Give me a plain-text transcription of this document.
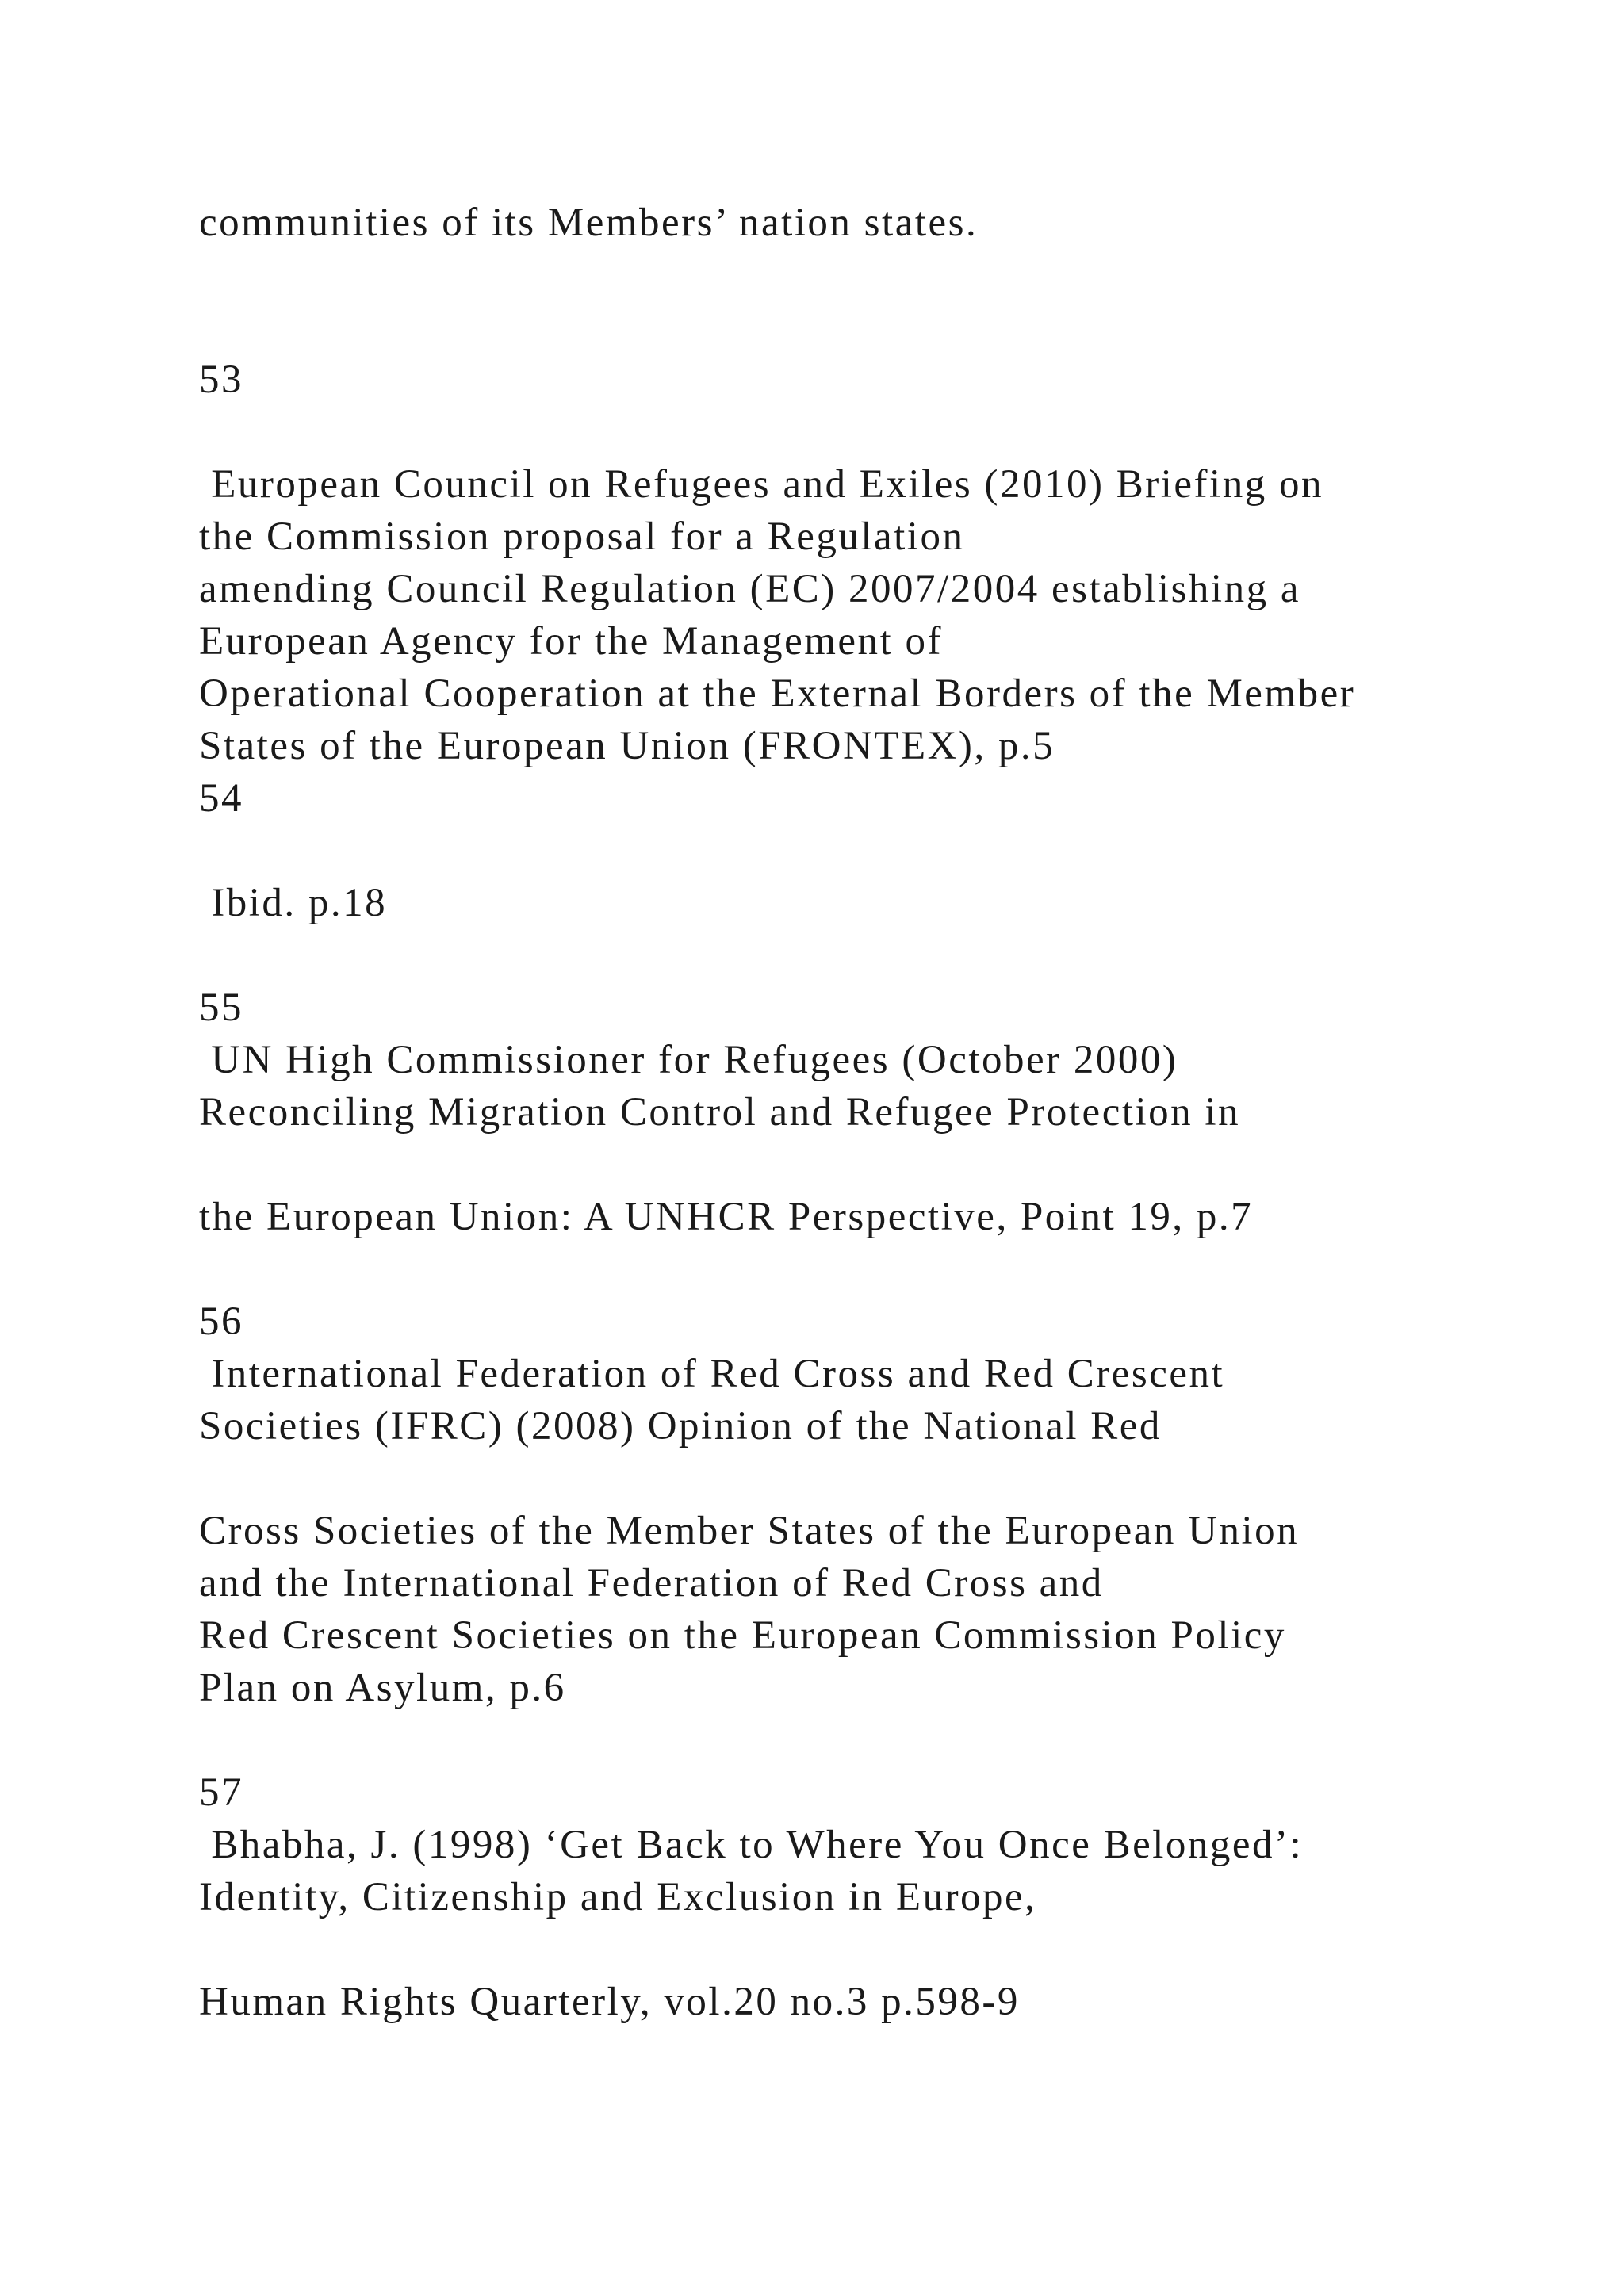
communities of its Members’ nation states.

53

European Council on Refugees and Exiles (2010) Briefing on

the Commission proposal for a Regulation

amending Council Regulation (EC) 2007/2004 establishing a

European Agency for the Management of

Operational Cooperation at the External Borders of the Member

States of the European Union (FRONTEX), p.5

54

Ibid. p.18

55

UN High Commissioner for Refugees (October 2000)

Reconciling Migration Control and Refugee Protection in

the European Union: A UNHCR Perspective, Point 19, p.7

56

International Federation of Red Cross and Red Crescent

Societies (IFRC) (2008) Opinion of the National Red

Cross Societies of the Member States of the European Union

and the International Federation of Red Cross and

Red Crescent Societies on the European Commission Policy

Plan on Asylum, p.6

57

Bhabha, J. (1998) ‘Get Back to Where You Once Belonged’:

Identity, Citizenship and Exclusion in Europe,

Human Rights Quarterly, vol.20 no.3 p.598-9
